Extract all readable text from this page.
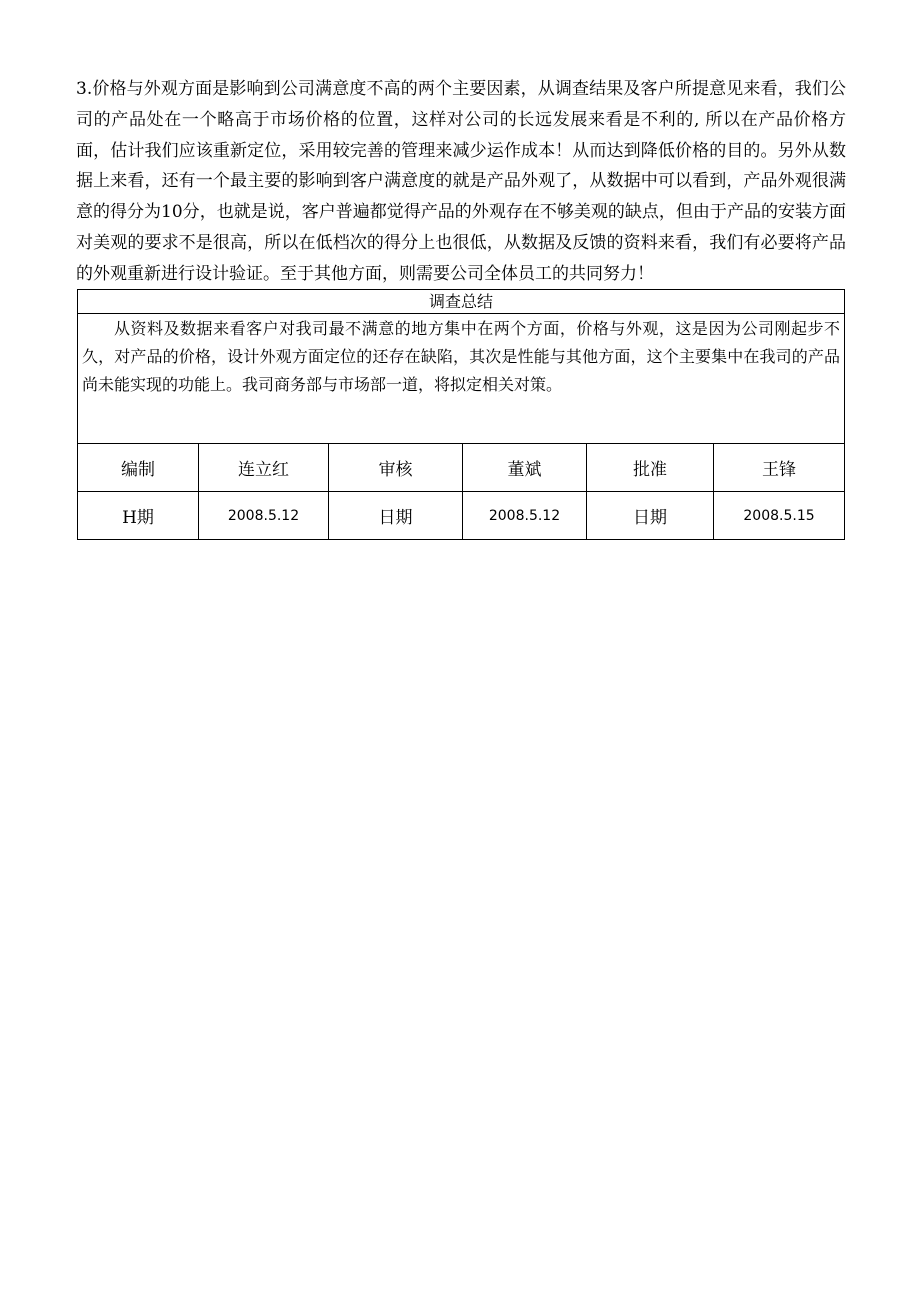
3.价格与外观方面是影响到公司满意度不高的两个主要因素，从调查结果及客户所提意见来看，我们公司的产品处在一个略高于市场价格的位置，这样对公司的长远发展来看是不利的, 所以在产品价格方面，估计我们应该重新定位，采用较完善的管理来减少运作成本！从而达到降低价格的目的。另外从数据上来看，还有一个最主要的影响到客户满意度的就是产品外观了，从数据中可以看到，产品外观很满意的得分为10分，也就是说，客户普遍都觉得产品的外观存在不够美观的缺点，但由于产品的安装方面对美观的要求不是很高，所以在低档次的得分上也很低，从数据及反馈的资料来看，我们有必要将产品的外观重新进行设计验证。至于其他方面，则需要公司全体员工的共同努力！

调查总结					
从资料及数据来看客户对我司最不满意的地方集中在两个方面，价格与外观，这是因为公司刚起步不久，对产品的价格，设计外观方面定位的还存在缺陷，其次是性能与其他方面，这个主要集中在我司的产品尚未能实现的功能上。我司商务部与市场部一道，将拟定相关对策。					
编制	连立红	审核	董斌	批准	王锋
H期	2008.5.12	日期	2008.5.12	日期	2008.5.15
